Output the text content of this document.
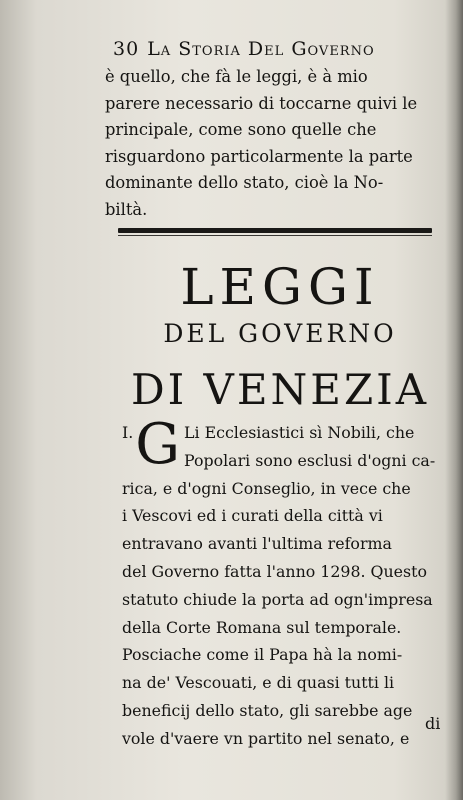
30 La Storia Del Governo
è quello, che fà le leggi, è à mio
parere necessario di toccarne quivi le
principale, come sono quelle che
risguardono particolarmente la parte
dominante dello stato, cioè la No-
biltà.
LEGGI
DEL GOVERNO
DI VENEZIA
I. G Li Ecclesiastici sì Nobili, che
Popolari sono esclusi d'ogni ca-
rica, e d'ogni Conseglio, in vece che
i Vescovi ed i curati della città vi
entravano avanti l'ultima reforma
del Governo fatta l'anno 1298. Questo
statuto chiude la porta ad ogn'impresa
della Corte Romana sul temporale.
Posciache come il Papa hà la nomi-
na de' Vescouati, e di quasi tutti li
beneficij dello stato, gli sarebbe age
vole d'vaere vn partito nel senato, e
di
